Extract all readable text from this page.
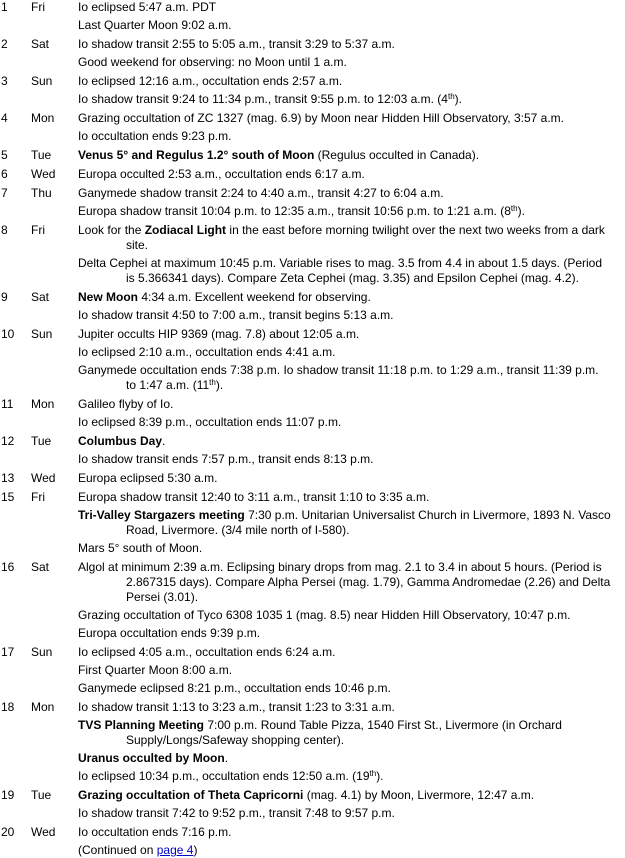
1	Fri	Io eclipsed 5:47 a.m. PDT
Last Quarter Moon 9:02 a.m.
2	Sat	Io shadow transit 2:55 to 5:05 a.m., transit 3:29 to 5:37 a.m.
Good weekend for observing: no Moon until 1 a.m.
3	Sun	Io eclipsed 12:16 a.m., occultation ends 2:57 a.m.
Io shadow transit 9:24 to 11:34 p.m., transit 9:55 p.m. to 12:03 a.m. (4th).
4	Mon	Grazing occultation of ZC 1327 (mag. 6.9) by Moon near Hidden Hill Observatory, 3:57 a.m.
Io occultation ends 9:23 p.m.
5	Tue	Venus 5° and Regulus 1.2° south of Moon (Regulus occulted in Canada).
6	Wed	Europa occulted 2:53 a.m., occultation ends 6:17 a.m.
7	Thu	Ganymede shadow transit 2:24 to 4:40 a.m., transit 4:27 to 6:04 a.m.
Europa shadow transit 10:04 p.m. to 12:35 a.m., transit 10:56 p.m. to 1:21 a.m. (8th).
8	Fri	Look for the Zodiacal Light in the east before morning twilight over the next two weeks from a dark site.
Delta Cephei at maximum 10:45 p.m. Variable rises to mag. 3.5 from 4.4 in about 1.5 days. (Period is 5.366341 days). Compare Zeta Cephei (mag. 3.35) and Epsilon Cephei (mag. 4.2).
9	Sat	New Moon 4:34 a.m. Excellent weekend for observing.
Io shadow transit 4:50 to 7:00 a.m., transit begins 5:13 a.m.
10	Sun	Jupiter occults HIP 9369 (mag. 7.8) about 12:05 a.m.
Io eclipsed 2:10 a.m., occultation ends 4:41 a.m.
Ganymede occultation ends 7:38 p.m. Io shadow transit 11:18 p.m. to 1:29 a.m., transit 11:39 p.m. to 1:47 a.m. (11th).
11	Mon	Galileo flyby of Io.
Io eclipsed 8:39 p.m., occultation ends 11:07 p.m.
12	Tue	Columbus Day.
Io shadow transit ends 7:57 p.m., transit ends 8:13 p.m.
13	Wed	Europa eclipsed 5:30 a.m.
15	Fri	Europa shadow transit 12:40 to 3:11 a.m., transit 1:10 to 3:35 a.m.
Tri-Valley Stargazers meeting 7:30 p.m. Unitarian Universalist Church in Livermore, 1893 N. Vasco Road, Livermore. (3/4 mile north of I-580).
Mars 5° south of Moon.
16	Sat	Algol at minimum 2:39 a.m. Eclipsing binary drops from mag. 2.1 to 3.4 in about 5 hours. (Period is 2.867315 days). Compare Alpha Persei (mag. 1.79), Gamma Andromedae (2.26) and Delta Persei (3.01).
Grazing occultation of Tyco 6308 1035 1 (mag. 8.5) near Hidden Hill Observatory, 10:47 p.m.
Europa occultation ends 9:39 p.m.
17	Sun	Io eclipsed 4:05 a.m., occultation ends 6:24 a.m.
First Quarter Moon 8:00 a.m.
Ganymede eclipsed 8:21 p.m., occultation ends 10:46 p.m.
18	Mon	Io shadow transit 1:13 to 3:23 a.m., transit 1:23 to 3:31 a.m.
TVS Planning Meeting 7:00 p.m. Round Table Pizza, 1540 First St., Livermore (in Orchard Supply/Longs/Safeway shopping center).
Uranus occulted by Moon.
Io eclipsed 10:34 p.m., occultation ends 12:50 a.m. (19th).
19	Tue	Grazing occultation of Theta Capricorni (mag. 4.1) by Moon, Livermore, 12:47 a.m.
Io shadow transit 7:42 to 9:52 p.m., transit 7:48 to 9:57 p.m.
20	Wed	Io occultation ends 7:16 p.m.
(Continued on page 4)
